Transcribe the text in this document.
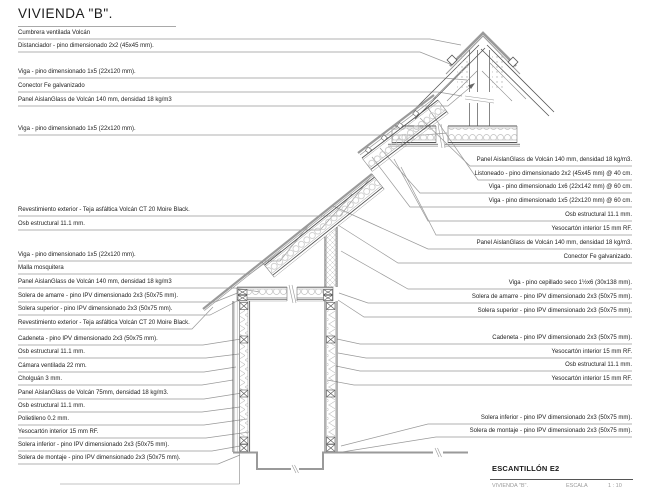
VIVIENDA "B".
Cumbrera ventilada Volcán
Distanciador - pino dimensionado 2x2 (45x45 mm).
Viga - pino dimensionado 1x5 (22x120 mm).
Conector Fe galvanizado
Panel AislanGlass de Volcán 140 mm, densidad 18 kg/m3
Viga - pino dimensionado 1x5 (22x120 mm).
Revestimiento exterior - Teja asfáltica Volcán CT 20 Moire Black.
Osb estructural 11.1 mm.
Viga - pino dimensionado 1x5 (22x120 mm).
Malla mosquitera
Panel AislanGlass de Volcán 140 mm, densidad 18 kg/m3
Solera de amarre - pino IPV dimensionado 2x3 (50x75 mm).
Solera superior - pino IPV dimensionado 2x3 (50x75 mm).
Revestimiento exterior - Teja asfáltica Volcán CT 20 Moire Black.
Cadeneta - pino IPV dimensionado 2x3 (50x75 mm).
Osb estructural 11.1 mm.
Cámara ventilada 22 mm.
Cholguán 3 mm.
Panel AislanGlass de Volcán 75mm, densidad 18 kg/m3.
Osb estructural 11.1 mm.
Polietileno 0.2 mm.
Yesocartón interior 15 mm RF.
Solera inferior - pino IPV dimensionado 2x3 (50x75 mm).
Solera de montaje - pino IPV dimensionado 2x3 (50x75 mm).
Panel AislanGlass de Volcán 140 mm, densidad 18 kg/m3.
Listoneado - pino dimensionado 2x2 (45x45 mm) @ 40 cm.
Viga - pino dimensionado 1x6 (22x142 mm) @ 60 cm.
Viga - pino dimensionado 1x5 (22x120 mm) @ 60 cm.
Osb estructural 11.1 mm.
Yesocartón interior 15 mm RF.
Panel AislanGlass de Volcán 140 mm, densidad 18 kg/m3.
Conector Fe galvanizado.
Viga - pino cepillado seco 1½x6 (30x138 mm).
Solera de amarre - pino IPV dimensionado 2x3 (50x75 mm).
Solera superior - pino IPV dimensionado 2x3 (50x75 mm).
Cadeneta - pino IPV dimensionado 2x3 (50x75 mm).
Yesocartón interior 15 mm RF.
Osb estructural 11.1 mm.
Yesocartón interior 15 mm RF.
Solera inferior - pino IPV dimensionado 2x3 (50x75 mm).
Solera de montaje - pino IPV dimensionado 2x3 (50x75 mm).
ESCANTILLÓN E2
VIVIENDA "B".	ESCALA	1 : 10
